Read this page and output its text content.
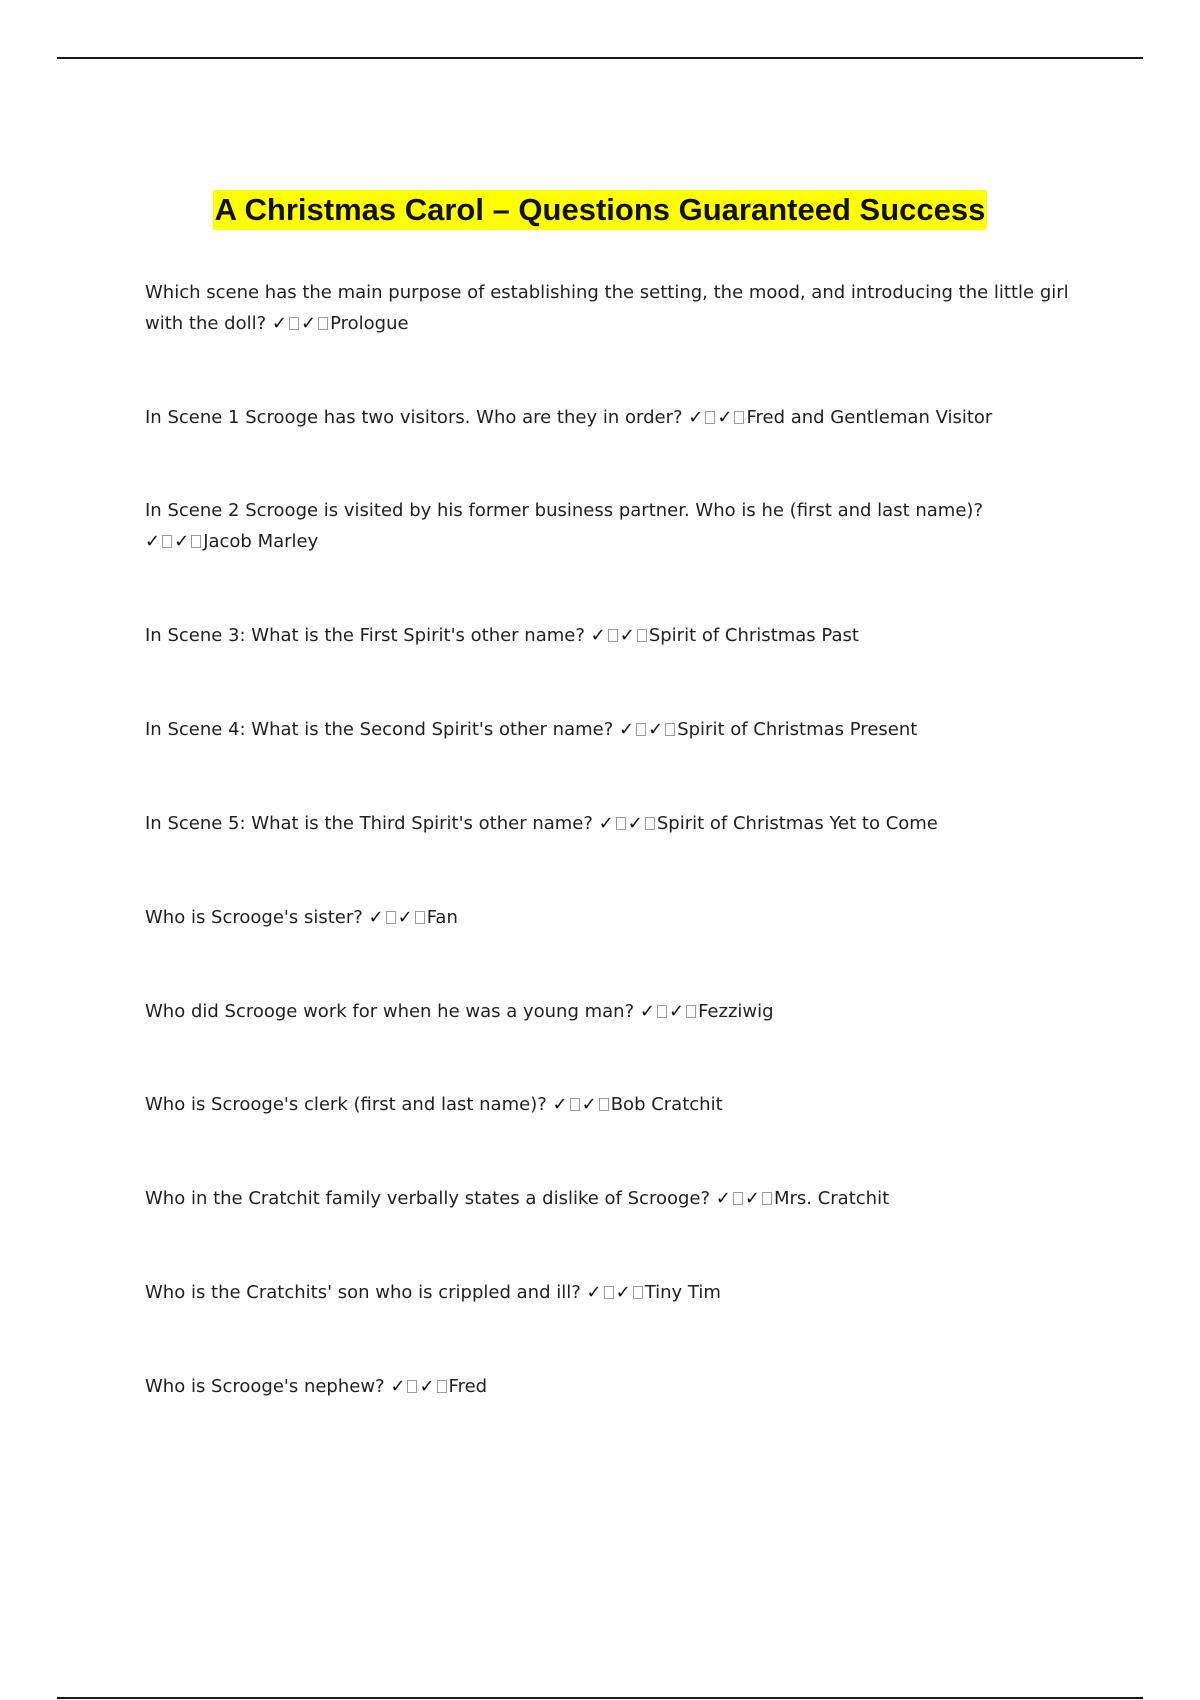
A Christmas Carol – Questions Guaranteed Success

Which scene has the main purpose of establishing the setting, the mood, and introducing the little girl with the doll? ✓ ✓ Prologue

In Scene 1 Scrooge has two visitors. Who are they in order? ✓ ✓ Fred and Gentleman Visitor

In Scene 2 Scrooge is visited by his former business partner. Who is he (first and last name)?
✓ ✓ Jacob Marley

In Scene 3: What is the First Spirit's other name? ✓ ✓ Spirit of Christmas Past

In Scene 4: What is the Second Spirit's other name? ✓ ✓ Spirit of Christmas Present

In Scene 5: What is the Third Spirit's other name? ✓ ✓ Spirit of Christmas Yet to Come

Who is Scrooge's sister? ✓ ✓ Fan

Who did Scrooge work for when he was a young man? ✓ ✓ Fezziwig

Who is Scrooge's clerk (first and last name)? ✓ ✓ Bob Cratchit

Who in the Cratchit family verbally states a dislike of Scrooge? ✓ ✓ Mrs. Cratchit

Who is the Cratchits' son who is crippled and ill? ✓ ✓ Tiny Tim

Who is Scrooge's nephew? ✓ ✓ Fred
